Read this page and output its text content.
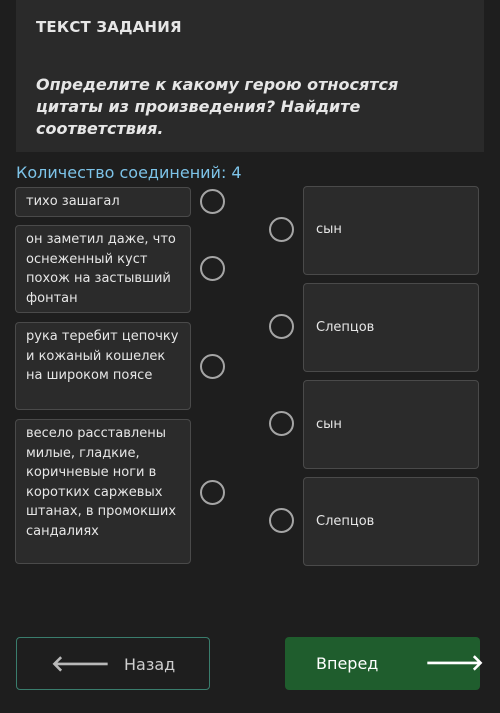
ТЕКСТ ЗАДАНИЯ
Определите к какому герою относятся цитаты из произведения? Найдите соответствия.
Количество соединений: 4
тихо зашагал
он заметил даже, что оснеженный куст похож на застывший фонтан
рука теребит цепочку и кожаный кошелек на широком поясе
весело расставлены милые, гладкие, коричневые ноги в коротких саржевых штанах, в промокших сандалиях
сын
Слепцов
сын
Слепцов
🡐 Назад	Вперед 🡒
